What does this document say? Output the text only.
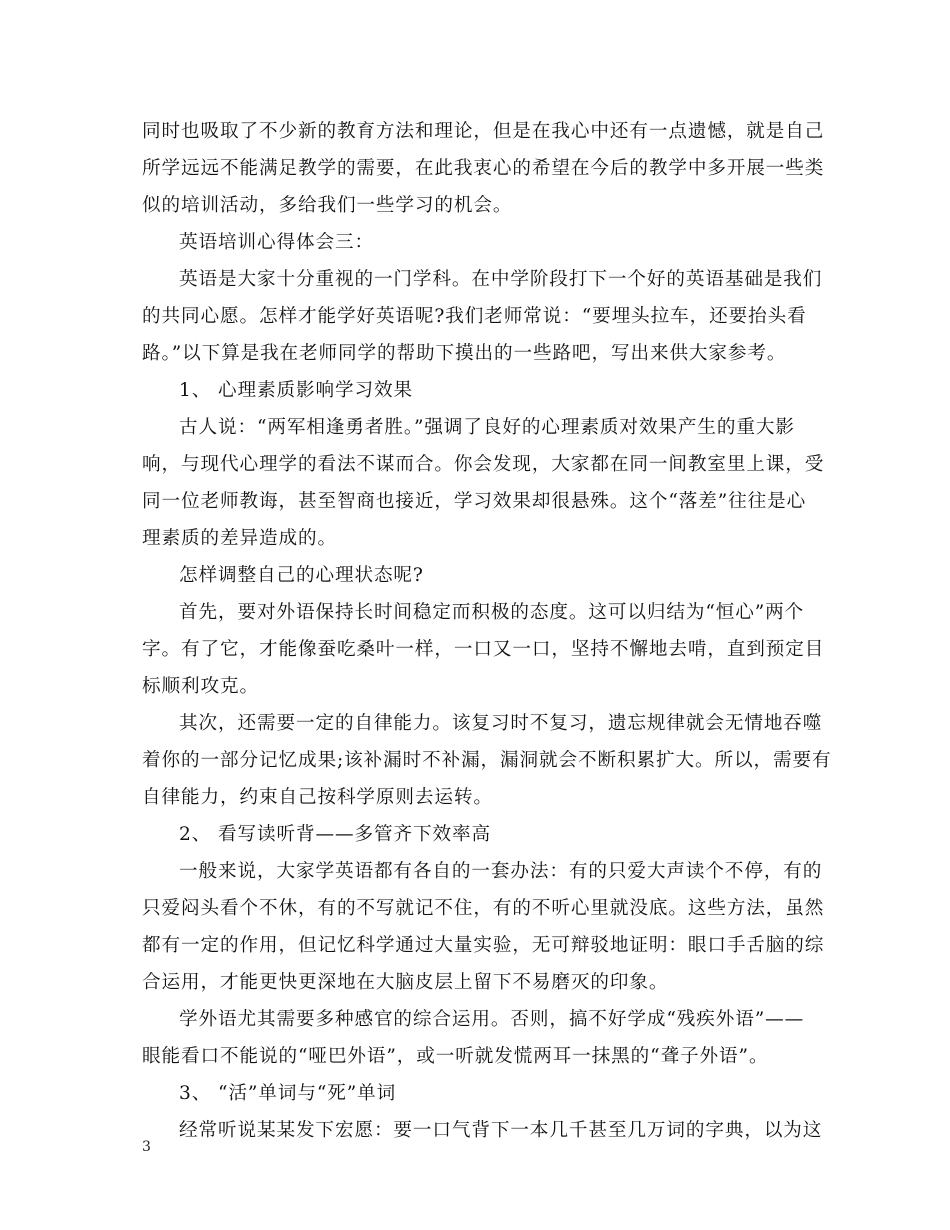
同时也吸取了不少新的教育方法和理论，但是在我心中还有一点遗憾，就是自己
所学远远不能满足教学的需要，在此我衷心的希望在今后的教学中多开展一些类
似的培训活动，多给我们一些学习的机会。
英语培训心得体会三：
英语是大家十分重视的一门学科。在中学阶段打下一个好的英语基础是我们
的共同心愿。怎样才能学好英语呢?我们老师常说：“要埋头拉车，还要抬头看
路。”以下算是我在老师同学的帮助下摸出的一些路吧，写出来供大家参考。
1、 心理素质影响学习效果
古人说：“两军相逢勇者胜。”强调了良好的心理素质对效果产生的重大影
响，与现代心理学的看法不谋而合。你会发现，大家都在同一间教室里上课，受
同一位老师教诲，甚至智商也接近，学习效果却很悬殊。这个“落差”往往是心
理素质的差异造成的。
怎样调整自己的心理状态呢?
首先，要对外语保持长时间稳定而积极的态度。这可以归结为“恒心”两个
字。有了它，才能像蚕吃桑叶一样，一口又一口，坚持不懈地去啃，直到预定目
标顺利攻克。
其次，还需要一定的自律能力。该复习时不复习，遗忘规律就会无情地吞噬
着你的一部分记忆成果;该补漏时不补漏，漏洞就会不断积累扩大。所以，需要有
自律能力，约束自己按科学原则去运转。
2、 看写读听背——多管齐下效率高
一般来说，大家学英语都有各自的一套办法：有的只爱大声读个不停，有的
只爱闷头看个不休，有的不写就记不住，有的不听心里就没底。这些方法，虽然
都有一定的作用，但记忆科学通过大量实验，无可辩驳地证明：眼口手舌脑的综
合运用，才能更快更深地在大脑皮层上留下不易磨灭的印象。
学外语尤其需要多种感官的综合运用。否则，搞不好学成“残疾外语”——
眼能看口不能说的“哑巴外语”，或一听就发慌两耳一抹黑的“聋子外语”。
3、 “活”单词与“死”单词
经常听说某某发下宏愿：要一口气背下一本几千甚至几万词的字典，以为这
3
